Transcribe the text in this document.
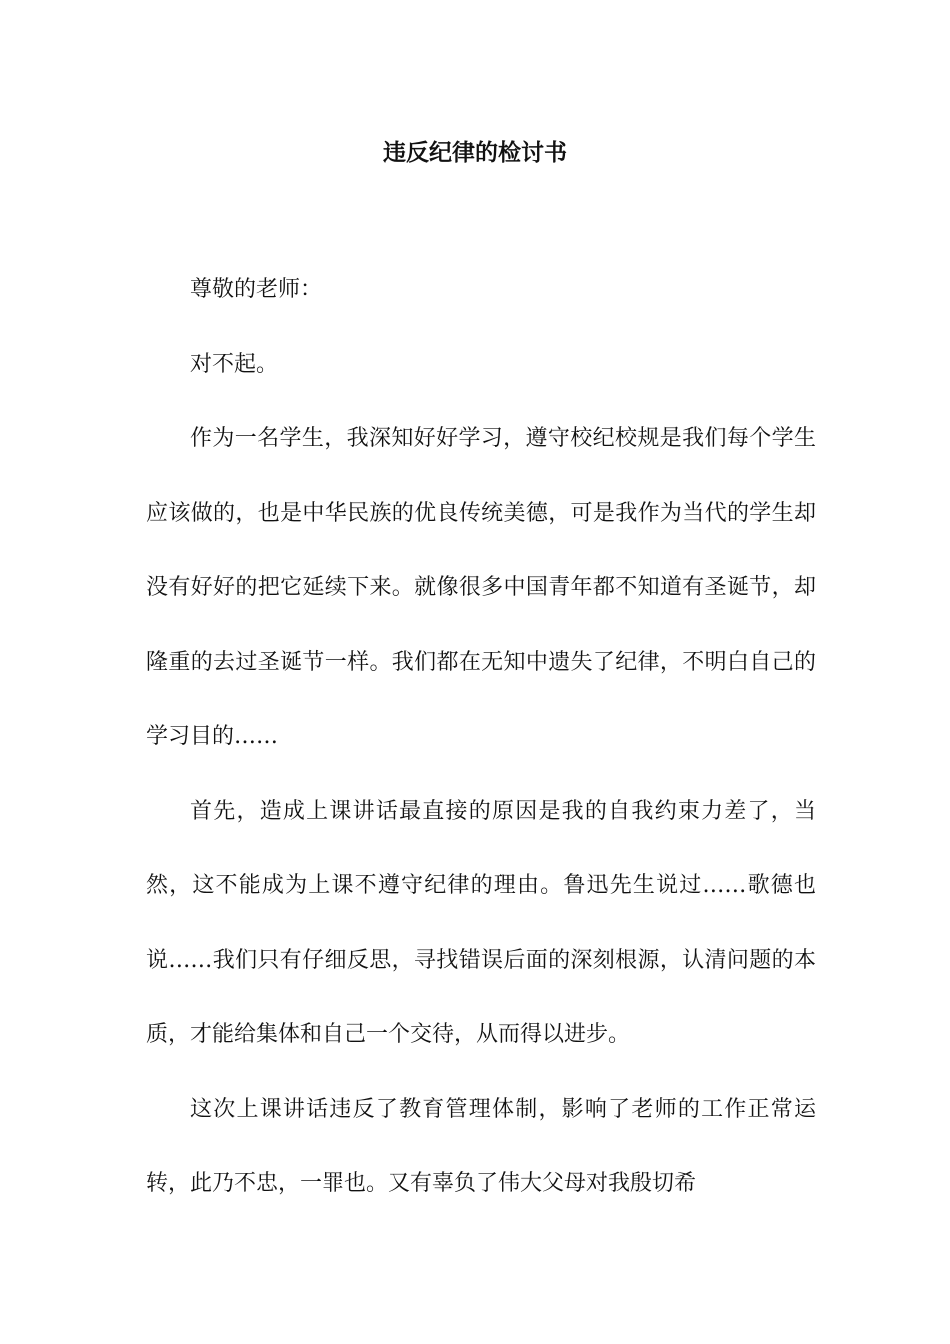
违反纪律的检讨书

尊敬的老师：

对不起。

作为一名学生，我深知好好学习，遵守校纪校规是我们每个学生应该做的，也是中华民族的优良传统美德，可是我作为当代的学生却没有好好的把它延续下来。就像很多中国青年都不知道有圣诞节，却隆重的去过圣诞节一样。我们都在无知中遗失了纪律，不明白自己的学习目的……

首先，造成上课讲话最直接的原因是我的自我约束力差了，当然，这不能成为上课不遵守纪律的理由。鲁迅先生说过……歌德也说……我们只有仔细反思，寻找错误后面的深刻根源，认清问题的本质，才能给集体和自己一个交待，从而得以进步。

这次上课讲话违反了教育管理体制，影响了老师的工作正常运转，此乃不忠，一罪也。又有辜负了伟大父母对我殷切希
